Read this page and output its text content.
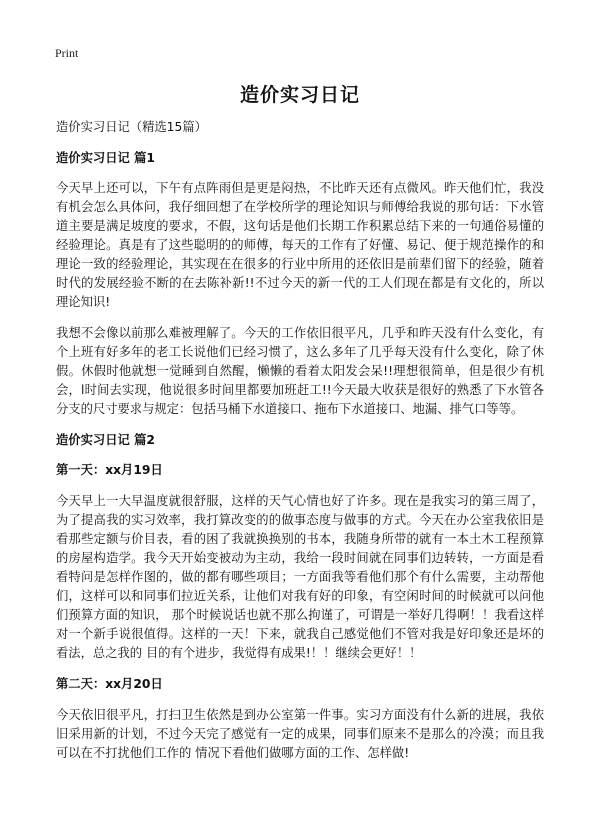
Print
造价实习日记
造价实习日记（精选15篇）
造价实习日记 篇1

今天早上还可以，下午有点阵雨但是更是闷热，不比昨天还有点微风。昨天他们忙，我没有机会怎么具体问，我仔细回想了在学校所学的理论知识与师傅给我说的那句话：下水管道主要是满足坡度的要求，不假，这句话是他们长期工作积累总结下来的一句通俗易懂的经验理论。真是有了这些聪明的的师傅，每天的工作有了好懂、易记、便于规范操作的和理论一致的经验理论，其实现在在很多的行业中所用的还依旧是前辈们留下的经验，随着时代的发展经验不断的在去陈补新!!不过今天的新一代的工人们现在都是有文化的，所以理论知识!

我想不会像以前那么难被理解了。今天的工作依旧很平凡，几乎和昨天没有什么变化，有个上班有好多年的老工长说他们已经习惯了，这么多年了几乎每天没有什么变化，除了休假。休假时他就想一觉睡到自然醒，懒懒的看着太阳发会呆!!理想很简单，但是很少有机会，l时间去实现，他说很多时间里都要加班赶工!!今天最大收获是很好的熟悉了下水管各分支的尺寸要求与规定：包括马桶下水道接口、拖布下水道接口、地漏、排气口等等。

造价实习日记 篇2
第一天：xx月19日

今天早上一大早温度就很舒服，这样的天气心情也好了许多。现在是我实习的第三周了，为了提高我的实习效率，我打算改变的的做事态度与做事的方式。今天在办公室我依旧是看那些定额与价目表，看的困了我就换换别的书本，我随身所带的就有一本土木工程预算的房屋构造学。我今天开始变被动为主动，我给一段时间就在同事们边转转，一方面是看看特问是怎样作图的，做的都有哪些项目；一方面我等看他们那个有什么需要，主动帮他们，这样可以和同事们拉近关系，让他们对我有好的印象，有空闲时间的时候就可以问他们预算方面的知识， 那个时候说话也就不那么拘谨了，可谓是一举好几得啊！！我看这样对一个新手说很值得。这样的一天！下来，就我自己感觉他们不管对我是好印象还是坏的看法，总之我的 目的有个进步，我觉得有成果!！！继续会更好！！

第二天：xx月20日

今天依旧很平凡，打扫卫生依然是到办公室第一件事。实习方面没有什么新的进展，我依旧采用新的计划，不过今天完了感觉有一定的成果，同事们原来不是那么的冷漠；而且我可以在不打扰他们工作的 情况下看他们做哪方面的工作、怎样做!
